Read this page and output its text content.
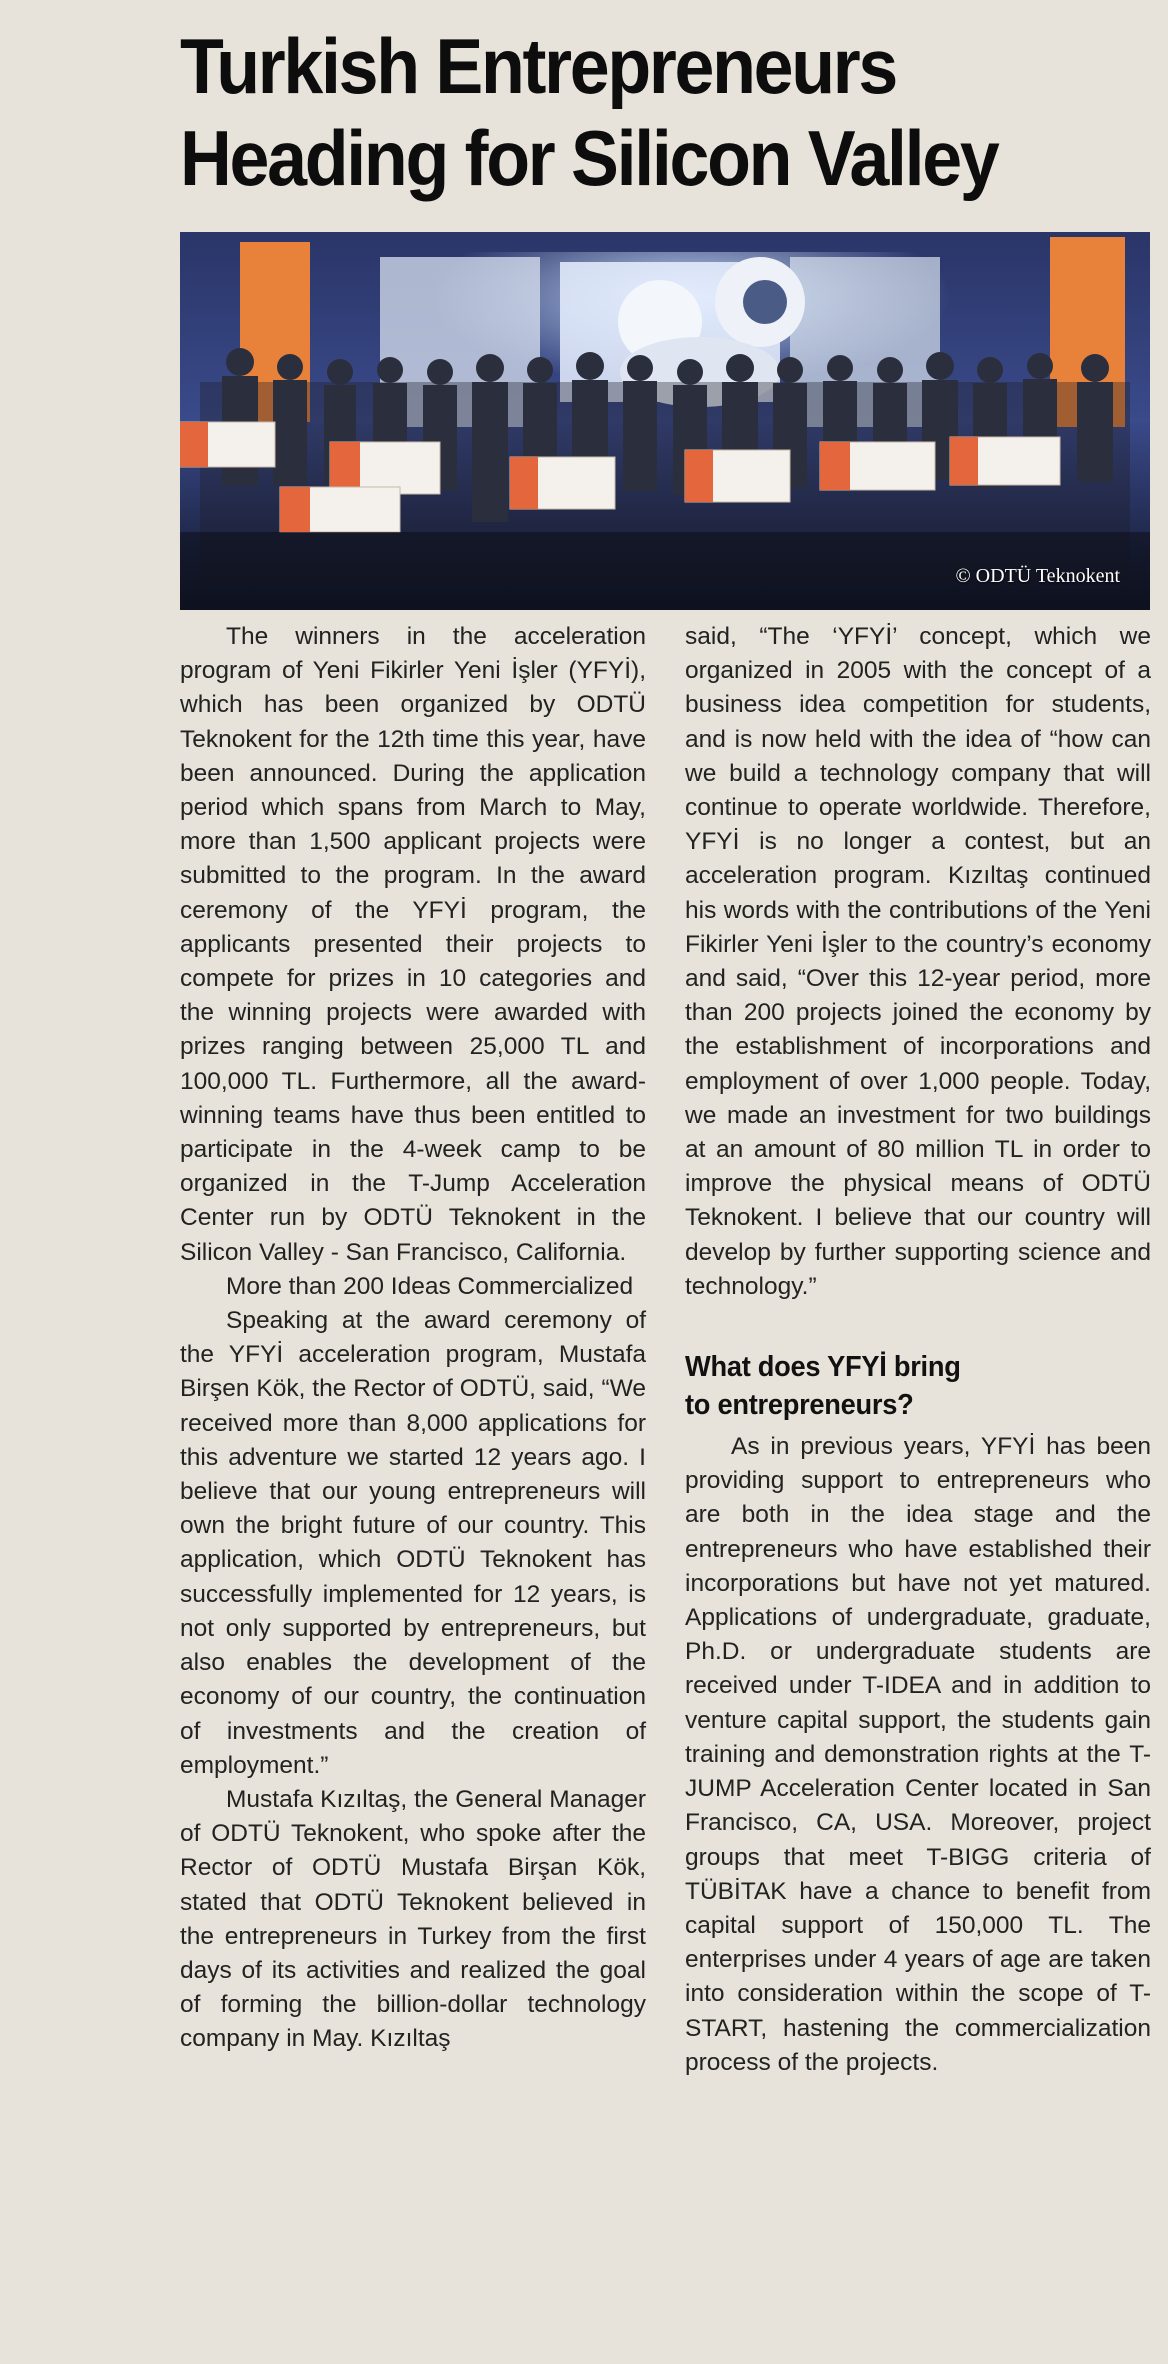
Turkish Entrepreneurs
Heading for Silicon Valley
© ODTÜ Teknokent

The winners in the acceleration program of Yeni Fikirler Yeni İşler (YFYİ), which has been organized by ODTÜ Teknokent for the 12th time this year, have been announced. During the application period which spans from March to May, more than 1,500 applicant projects were submitted to the program. In the award ceremony of the YFYİ program, the applicants presented their projects to compete for prizes in 10 categories and the winning projects were awarded with prizes ranging between 25,000 TL and 100,000 TL. Furthermore, all the award-winning teams have thus been entitled to participate in the 4-week camp to be organized in the T-Jump Acceleration Center run by ODTÜ Teknokent in the Silicon Valley - San Francisco, California.

More than 200 Ideas Commercialized

Speaking at the award ceremony of the YFYİ acceleration program, Mustafa Birşen Kök, the Rector of ODTÜ, said, “We received more than 8,000 applications for this adventure we started 12 years ago. I believe that our young entrepreneurs will own the bright future of our country. This application, which ODTÜ Teknokent has successfully implemented for 12 years, is not only supported by entrepreneurs, but also enables the development of the economy of our country, the continuation of investments and the creation of employment.”

Mustafa Kızıltaş, the General Manager of ODTÜ Teknokent, who spoke after the Rector of ODTÜ Mustafa Birşan Kök, stated that ODTÜ Teknokent believed in the entrepreneurs in Turkey from the first days of its activities and realized the goal of forming the billion-dollar technology company in May. Kızıltaş

said, “The ‘YFYİ’ concept, which we organized in 2005 with the concept of a business idea competition for students, and is now held with the idea of “how can we build a technology company that will continue to operate worldwide. Therefore, YFYİ is no longer a contest, but an acceleration program. Kızıltaş continued his words with the contributions of the Yeni Fikirler Yeni İşler to the country’s economy and said, “Over this 12-year period, more than 200 projects joined the economy by the establishment of incorporations and employment of over 1,000 people. Today, we made an investment for two buildings at an amount of 80 million TL in order to improve the physical means of ODTÜ Teknokent. I believe that our country will develop by further supporting science and technology.”

What does YFYİ bring
to entrepreneurs?

As in previous years, YFYİ has been providing support to entrepreneurs who are both in the idea stage and the entrepreneurs who have established their incorporations but have not yet matured. Applications of undergraduate, graduate, Ph.D. or undergraduate students are received under T-IDEA and in addition to venture capital support, the students gain training and demonstration rights at the T-JUMP Acceleration Center located in San Francisco, CA, USA. Moreover, project groups that meet T-BIGG criteria of TÜBİTAK have a chance to benefit from capital support of 150,000 TL. The enterprises under 4 years of age are taken into consideration within the scope of T-START, hastening the commercialization process of the projects.
